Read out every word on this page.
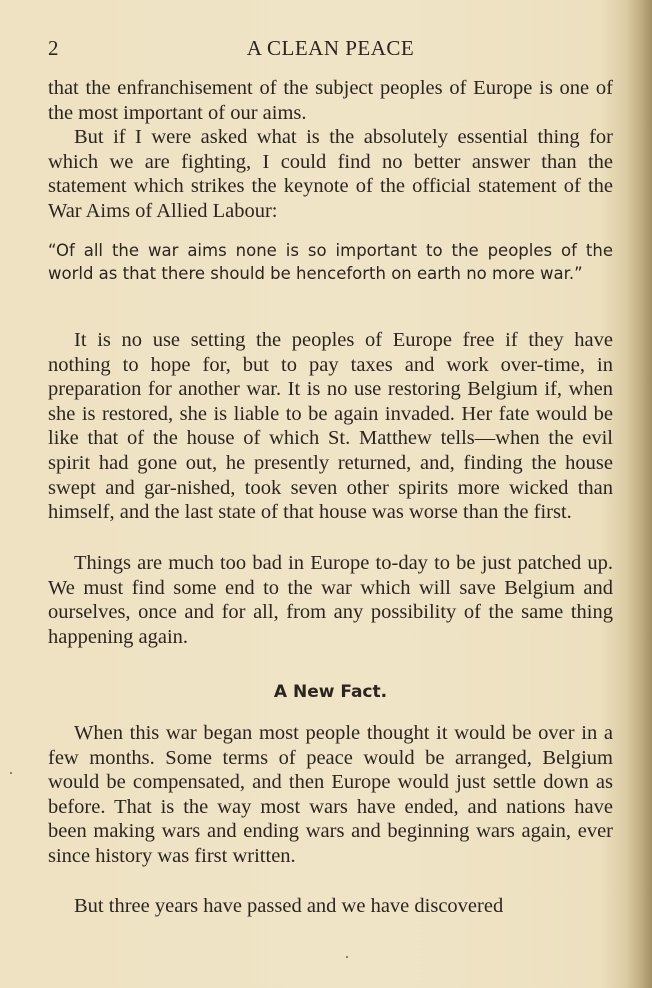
2	A CLEAN PEACE

that the enfranchisement of the subject peoples of Europe is one of the most important of our aims.

But if I were asked what is the absolutely essential thing for which we are fighting, I could find no better answer than the statement which strikes the keynote of the official statement of the War Aims of Allied Labour:

“Of all the war aims none is so important to the peoples of the world as that there should be henceforth on earth no more war.”

It is no use setting the peoples of Europe free if they have nothing to hope for, but to pay taxes and work over-time, in preparation for another war. It is no use restoring Belgium if, when she is restored, she is liable to be again invaded. Her fate would be like that of the house of which St. Matthew tells—when the evil spirit had gone out, he presently returned, and, finding the house swept and gar-nished, took seven other spirits more wicked than himself, and the last state of that house was worse than the first.

Things are much too bad in Europe to-day to be just patched up. We must find some end to the war which will save Belgium and ourselves, once and for all, from any possibility of the same thing happening again.

A New Fact.

When this war began most people thought it would be over in a few months. Some terms of peace would be arranged, Belgium would be compensated, and then Europe would just settle down as before. That is the way most wars have ended, and nations have been making wars and ending wars and beginning wars again, ever since history was first written.

But three years have passed and we have discovered
